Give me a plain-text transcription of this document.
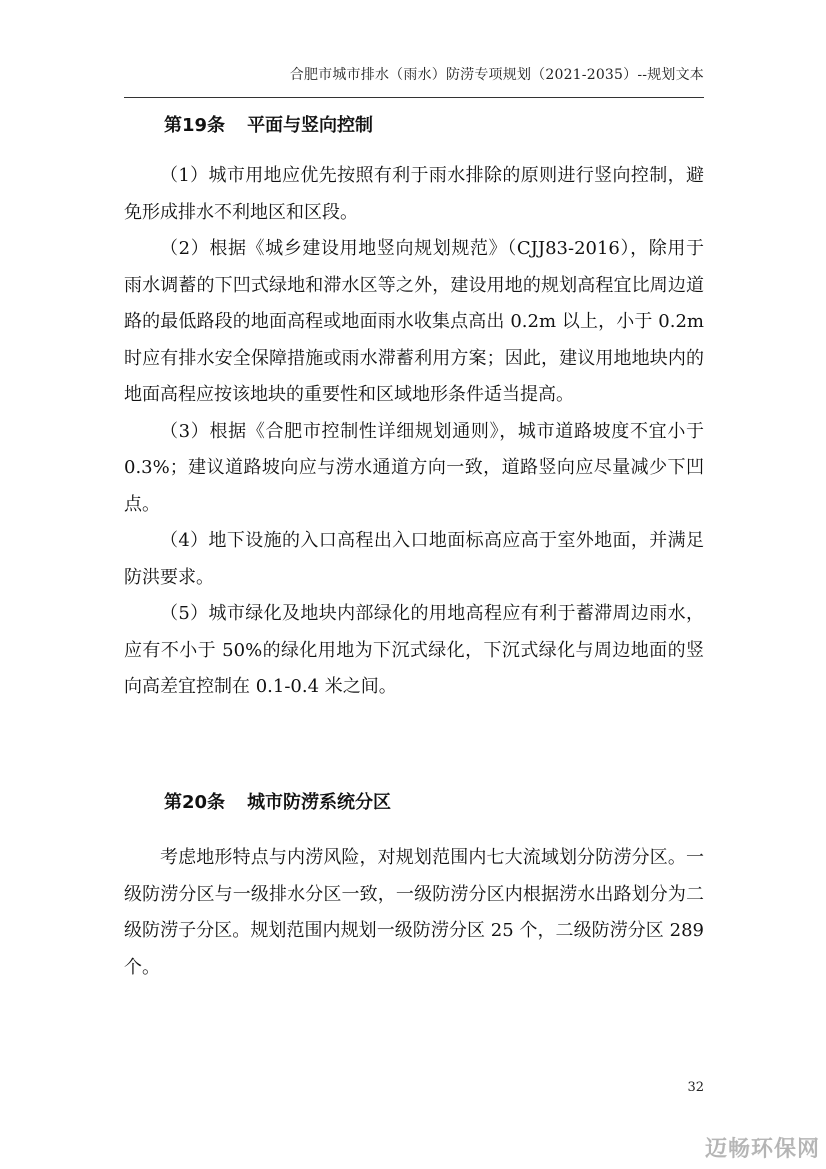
合肥市城市排水（雨水）防涝专项规划（2021-2035）--规划文本
第19条 平面与竖向控制

（1）城市用地应优先按照有利于雨水排除的原则进行竖向控制，避免形成排水不利地区和区段。

（2）根据《城乡建设用地竖向规划规范》（CJJ83-2016），除用于雨水调蓄的下凹式绿地和滞水区等之外，建设用地的规划高程宜比周边道路的最低路段的地面高程或地面雨水收集点高出 0.2m 以上，小于 0.2m 时应有排水安全保障措施或雨水滞蓄利用方案；因此，建议用地地块内的地面高程应按该地块的重要性和区域地形条件适当提高。

（3）根据《合肥市控制性详细规划通则》，城市道路坡度不宜小于 0.3%；建议道路坡向应与涝水通道方向一致，道路竖向应尽量减少下凹点。

（4）地下设施的入口高程出入口地面标高应高于室外地面，并满足防洪要求。

（5）城市绿化及地块内部绿化的用地高程应有利于蓄滞周边雨水，应有不小于 50%的绿化用地为下沉式绿化，下沉式绿化与周边地面的竖向高差宜控制在 0.1-0.4 米之间。

第20条 城市防涝系统分区

考虑地形特点与内涝风险，对规划范围内七大流域划分防涝分区。一级防涝分区与一级排水分区一致，一级防涝分区内根据涝水出路划分为二级防涝子分区。规划范围内规划一级防涝分区 25 个，二级防涝分区 289 个。

32
迈畅环保网
